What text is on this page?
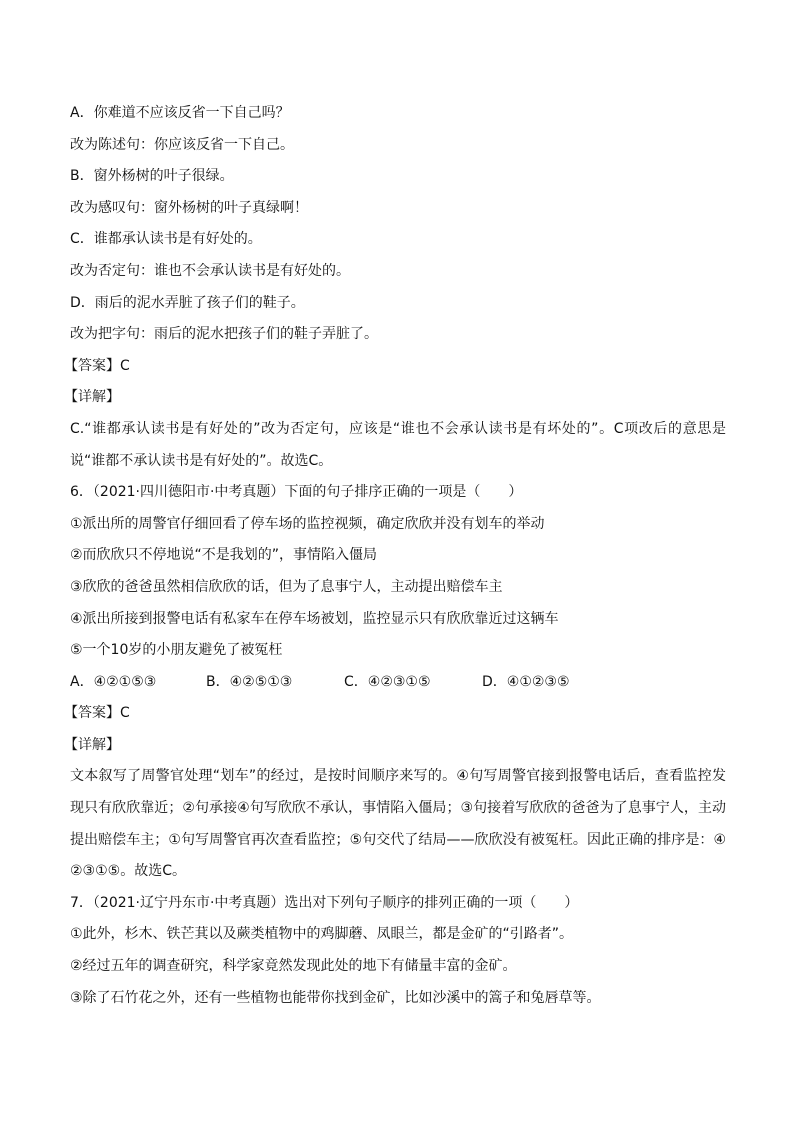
A．你难道不应该反省一下自己吗？
改为陈述句：你应该反省一下自己。
B．窗外杨树的叶子很绿。
改为感叹句：窗外杨树的叶子真绿啊！
C．谁都承认读书是有好处的。
改为否定句：谁也不会承认读书是有好处的。
D．雨后的泥水弄脏了孩子们的鞋子。
改为把字句：雨后的泥水把孩子们的鞋子弄脏了。
【答案】C
【详解】
C.“谁都承认读书是有好处的”改为否定句，应该是“谁也不会承认读书是有坏处的”。C项改后的意思是说“谁都不承认读书是有好处的”。故选C。
6．（2021·四川德阳市·中考真题）下面的句子排序正确的一项是（　　）
①派出所的周警官仔细回看了停车场的监控视频，确定欣欣并没有划车的举动
②而欣欣只不停地说“不是我划的”，事情陷入僵局
③欣欣的爸爸虽然相信欣欣的话，但为了息事宁人，主动提出赔偿车主
④派出所接到报警电话有私家车在停车场被划，监控显示只有欣欣靠近过这辆车
⑤一个10岁的小朋友避免了被冤枉
A．④②①⑤③	B．④②⑤①③	C．④②③①⑤	D．④①②③⑤
【答案】C
【详解】
文本叙写了周警官处理“划车”的经过，是按时间顺序来写的。④句写周警官接到报警电话后，查看监控发现只有欣欣靠近；②句承接④句写欣欣不承认，事情陷入僵局；③句接着写欣欣的爸爸为了息事宁人，主动提出赔偿车主；①句写周警官再次查看监控；⑤句交代了结局——欣欣没有被冤枉。因此正确的排序是：④②③①⑤。故选C。
7．（2021·辽宁丹东市·中考真题）选出对下列句子顺序的排列正确的一项（　　）
①此外，杉木、铁芒萁以及蕨类植物中的鸡脚蘑、凤眼兰，都是金矿的“引路者”。
②经过五年的调查研究，科学家竟然发现此处的地下有储量丰富的金矿。
③除了石竹花之外，还有一些植物也能带你找到金矿，比如沙溪中的篙子和兔唇草等。
